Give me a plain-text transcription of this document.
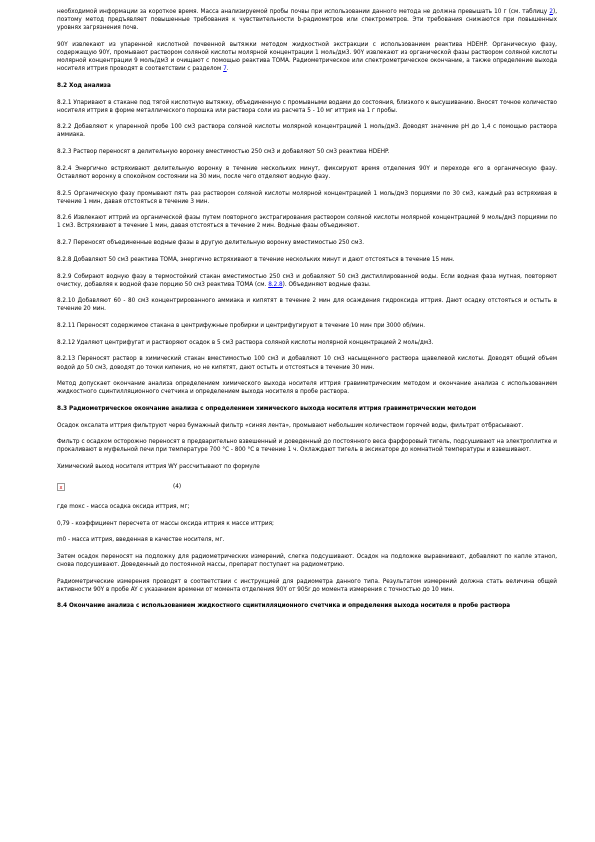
необходимой информации за короткое время. Масса анализируемой пробы почвы при использовании данного метода не должна превышать 10 г (см. таблицу 2), поэтому метод предъявляет повышенные требования к чувствительности b-радиометров или спектрометров. Эти требования снижаются при повышенных уровнях загрязнения почв.

90Y извлекают из упаренной кислотной почвенной вытяжки методом жидкостной экстракции с использованием реактива HDEHP. Органическую фазу, содержащую 90Y, промывают раствором соляной кислоты молярной концентрации 1 моль/дм3. 90Y извлекают из органической фазы раствором соляной кислоты молярной концентрации 9 моль/дм3 и очищают с помощью реактива ТОМА. Радиометрическое или спектрометрическое окончание, а также определение выхода носителя иттрия проводят в соответствии с разделом 7.

8.2 Ход анализа

8.2.1 Упаривают в стакане под тягой кислотную вытяжку, объединенную с промывными водами до состояния, близкого к высушиванию. Вносят точное количество носителя иттрия в форме металлического порошка или раствора соли из расчета 5 - 10 мг иттрия на 1 г пробы.

8.2.2 Добавляют к упаренной пробе 100 см3 раствора соляной кислоты молярной концентрацией 1 моль/дм3. Доводят значение pH до 1,4 с помощью раствора аммиака.

8.2.3 Раствор переносят в делительную воронку вместимостью 250 см3 и добавляют 50 см3 реактива HDEHP.

8.2.4 Энергично встряхивают делительную воронку в течение нескольких минут, фиксируют время отделения 90Y и переходе его в органическую фазу. Оставляют воронку в спокойном состоянии на 30 мин, после чего отделяют водную фазу.

8.2.5 Органическую фазу промывают пять раз раствором соляной кислоты молярной концентрацией 1 моль/дм3 порциями по 30 см3, каждый раз встряхивая в течение 1 мин, давая отстояться в течение 3 мин.

8.2.6 Извлекают иттрий из органической фазы путем повторного экстрагирования раствором соляной кислоты молярной концентрацией 9 моль/дм3 порциями по 1 см3. Встряхивают в течение 1 мин, давая отстояться в течение 2 мин. Водные фазы объединяют.

8.2.7 Переносят объединенные водные фазы в другую делительную воронку вместимостью 250 см3.

8.2.8 Добавляют 50 см3 реактива ТОМА, энергично встряхивают в течение нескольких минут и дают отстояться в течение 15 мин.

8.2.9 Собирают водную фазу в термостойкий стакан вместимостью 250 см3 и добавляют 50 см3 дистиллированной воды. Если водная фаза мутная, повторяют очистку, добавляя к водной фазе порцию 50 см3 реактива ТОМА (см. 8.2.8). Объединяют водные фазы.

8.2.10 Добавляют 60 - 80 см3 концентрированного аммиака и кипятят в течение 2 мин для осаждения гидроксида иттрия. Дают осадку отстояться и остыть в течение 20 мин.

8.2.11 Переносят содержимое стакана в центрифужные пробирки и центрифугируют в течение 10 мин при 3000 об/мин.

8.2.12 Удаляют центрифугат и растворяют осадок в 5 см3 раствора соляной кислоты молярной концентрацией 2 моль/дм3.

8.2.13 Переносят раствор в химический стакан вместимостью 100 см3 и добавляют 10 см3 насыщенного раствора щавелевой кислоты. Доводят общий объем водой до 50 см3, доводят до точки кипения, но не кипятят, дают остыть и отстояться в течение 30 мин.

Метод допускает окончание анализа определением химического выхода носителя иттрия гравиметрическим методом и окончание анализа с использованием жидкостного сцинтилляционного счетчика и определением выхода носителя в пробе раствора.

8.3 Радиометрическое окончание анализа с определением химического выхода носителя иттрия гравиметрическим методом

Осадок оксалата иттрия фильтруют через бумажный фильтр «синяя лента», промывают небольшим количеством горячей воды, фильтрат отбрасывают.

Фильтр с осадком осторожно переносят в предварительно взвешенный и доведенный до постоянного веса фарфоровый тигель, подсушивают на электроплитке и прокаливают в муфельной печи при температуре 700 °C - 800 °C в течение 1 ч. Охлаждают тигель в эксикаторе до комнатной температуры и взвешивают.

Химический выход носителя иттрия WY рассчитывают по формуле

x	(4)

где mокс - масса осадка оксида иттрия, мг;

0,79 - коэффициент пересчета от массы оксида иттрия к массе иттрия;

m0 - масса иттрия, введенная в качестве носителя, мг.

Затем осадок переносят на подложку для радиометрических измерений, слегка подсушивают. Осадок на подложке выравнивают, добавляют по капле этанол, снова подсушивают. Доведенный до постоянной массы, препарат поступает на радиометрию.

Радиометрические измерения проводят в соответствии с инструкцией для радиометра данного типа. Результатом измерений должна стать величина общей активности 90Y в пробе AY с указанием времени от момента отделения 90Y от 90Sr до момента измерения с точностью до 10 мин.

8.4 Окончание анализа с использованием жидкостного сцинтилляционного счетчика и определения выхода носителя в пробе раствора
